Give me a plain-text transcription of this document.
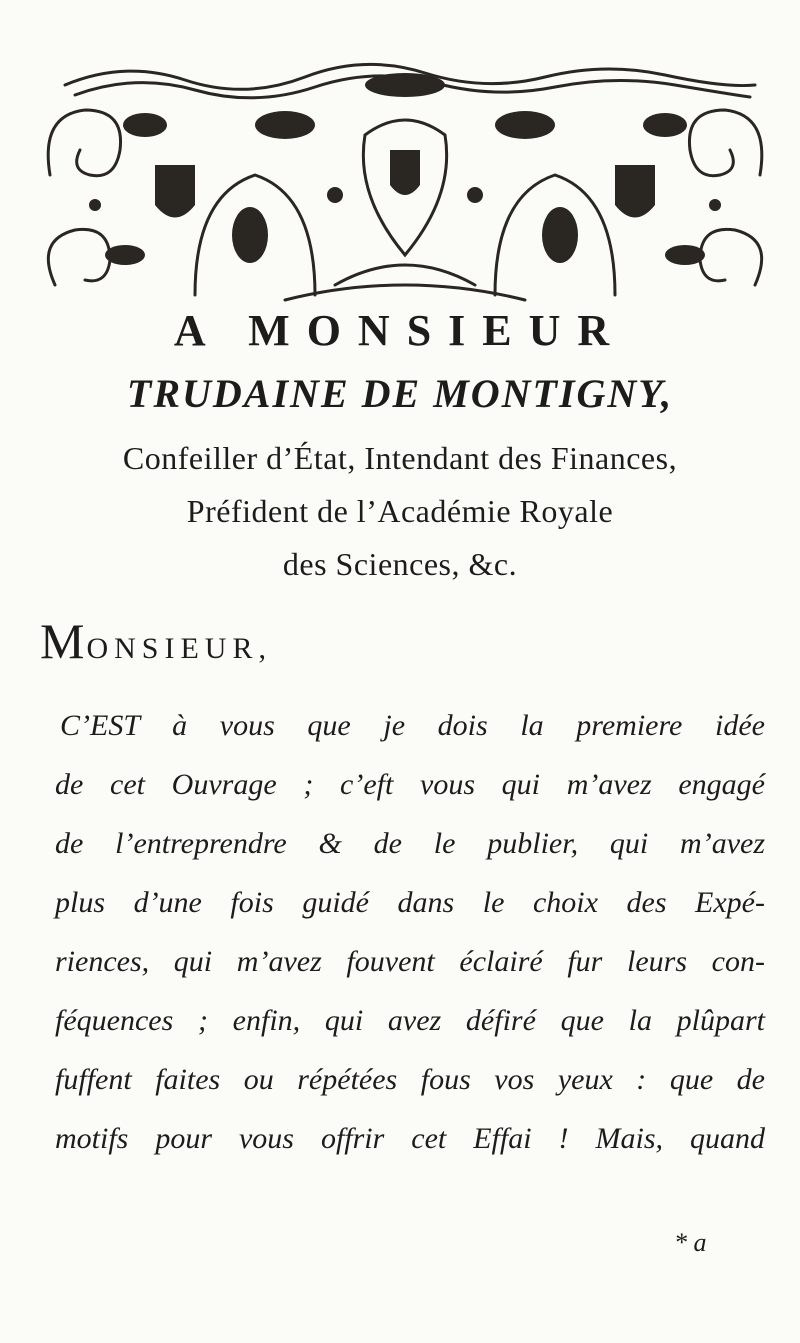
A MONSIEUR
TRUDAINE DE MONTIGNY,
Confeiller d’État, Intendant des Finances,
Préfident de l’Académie Royale
des Sciences, &c.
MONSIEUR,
C’EST à vous que je dois la premiere idée
de cet Ouvrage ; c’eft vous qui m’avez engagé
de l’entreprendre & de le publier, qui m’avez
plus d’une fois guidé dans le choix des Expé-
riences, qui m’avez fouvent éclairé fur leurs con-
féquences ; enfin, qui avez défiré que la plûpart
fuffent faites ou répétées fous vos yeux : que de
motifs pour vous offrir cet Effai ! Mais, quand
* a
